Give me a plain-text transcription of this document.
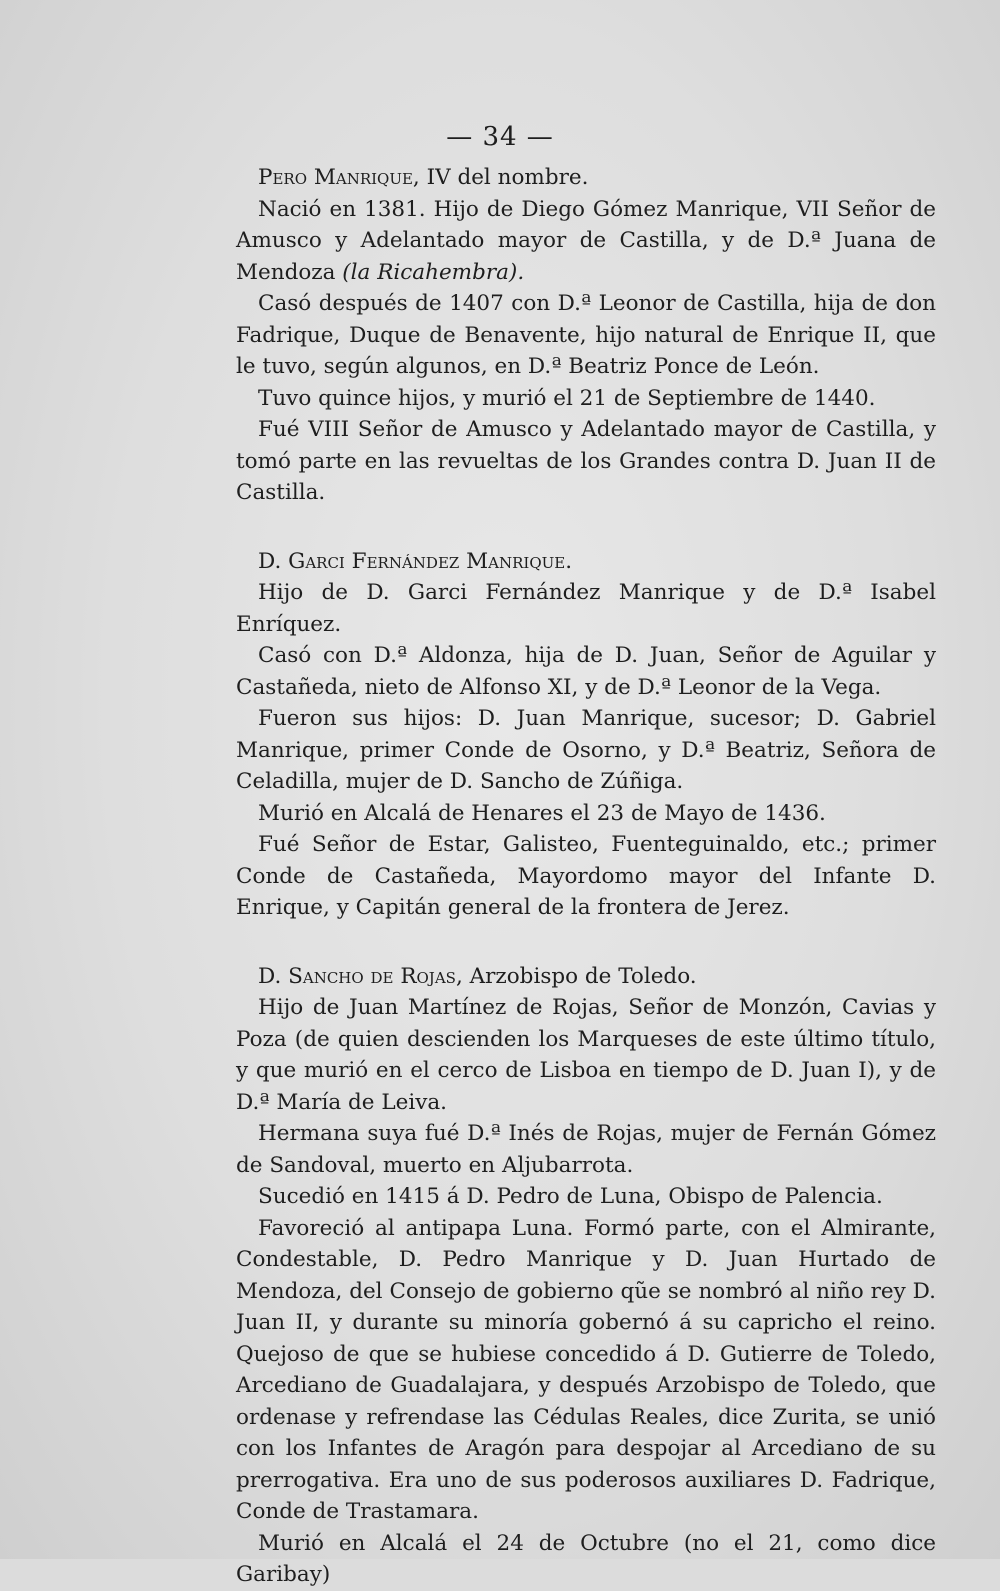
— 34 —

Pero Manrique, IV del nombre.

Nació en 1381. Hijo de Diego Gómez Manrique, VII Señor de Amusco y Adelantado mayor de Castilla, y de D.ª Juana de Mendoza (la Ricahembra).

Casó después de 1407 con D.ª Leonor de Castilla, hija de don Fadrique, Duque de Benavente, hijo natural de Enrique II, que le tuvo, según algunos, en D.ª Beatriz Ponce de León.

Tuvo quince hijos, y murió el 21 de Septiembre de 1440.

Fué VIII Señor de Amusco y Adelantado mayor de Castilla, y tomó parte en las revueltas de los Grandes contra D. Juan II de Castilla.

D. Garci Fernández Manrique.

Hijo de D. Garci Fernández Manrique y de D.ª Isabel Enríquez.

Casó con D.ª Aldonza, hija de D. Juan, Señor de Aguilar y Castañeda, nieto de Alfonso XI, y de D.ª Leonor de la Vega.

Fueron sus hijos: D. Juan Manrique, sucesor; D. Gabriel Manrique, primer Conde de Osorno, y D.ª Beatriz, Señora de Celadilla, mujer de D. Sancho de Zúñiga.

Murió en Alcalá de Henares el 23 de Mayo de 1436.

Fué Señor de Estar, Galisteo, Fuenteguinaldo, etc.; primer Conde de Castañeda, Mayordomo mayor del Infante D. Enrique, y Capitán general de la frontera de Jerez.

D. Sancho de Rojas, Arzobispo de Toledo.

Hijo de Juan Martínez de Rojas, Señor de Monzón, Cavias y Poza (de quien descienden los Marqueses de este último título, y que murió en el cerco de Lisboa en tiempo de D. Juan I), y de D.ª María de Leiva.

Hermana suya fué D.ª Inés de Rojas, mujer de Fernán Gómez de Sandoval, muerto en Aljubarrota.

Sucedió en 1415 á D. Pedro de Luna, Obispo de Palencia.

Favoreció al antipapa Luna. Formó parte, con el Almirante, Condestable, D. Pedro Manrique y D. Juan Hurtado de Mendoza, del Consejo de gobierno qũe se nombró al niño rey D. Juan II, y durante su minoría gobernó á su capricho el reino. Quejoso de que se hubiese concedido á D. Gutierre de Toledo, Arcediano de Guadalajara, y después Arzobispo de Toledo, que ordenase y refrendase las Cédulas Reales, dice Zurita, se unió con los Infantes de Aragón para despojar al Arcediano de su prerrogativa. Era uno de sus poderosos auxiliares D. Fadrique, Conde de Trastamara.

Murió en Alcalá el 24 de Octubre (no el 21, como dice Garibay)
